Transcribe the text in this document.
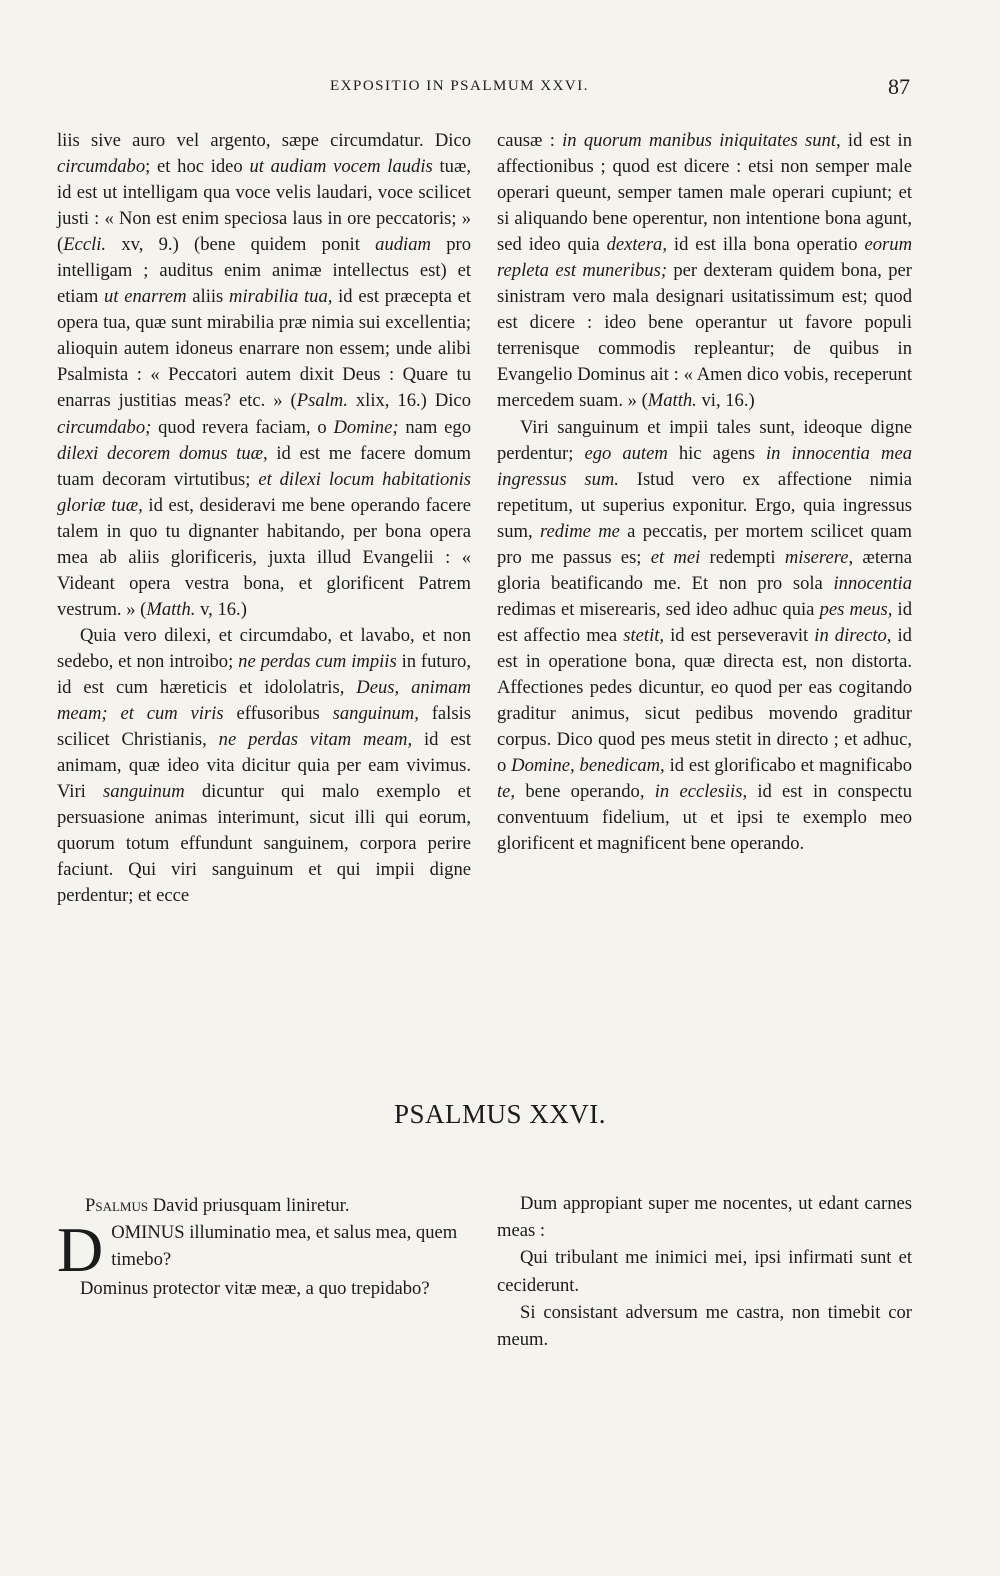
EXPOSITIO IN PSALMUM XXVI.	87

liis sive auro vel argento, sæpe circumdatur. Dico circumdabo; et hoc ideo ut audiam vocem laudis tuæ, id est ut intelligam qua voce velis laudari, voce scilicet justi : « Non est enim speciosa laus in ore peccatoris; » (Eccli. xv, 9.) (bene quidem ponit audiam pro intelligam ; auditus enim animæ intellectus est) et etiam ut enarrem aliis mirabilia tua, id est præcepta et opera tua, quæ sunt mirabilia præ nimia sui excellentia; alioquin autem idoneus enarrare non essem; unde alibi Psalmista : « Peccatori autem dixit Deus : Quare tu enarras justitias meas? etc. » (Psalm. xlix, 16.) Dico circumdabo; quod revera faciam, o Domine; nam ego dilexi decorem domus tuæ, id est me facere domum tuam decoram virtutibus; et dilexi locum habitationis gloriæ tuæ, id est, desideravi me bene operando facere talem in quo tu dignanter habitando, per bona opera mea ab aliis glorificeris, juxta illud Evangelii : « Videant opera vestra bona, et glorificent Patrem vestrum. » (Matth. v, 16.)

Quia vero dilexi, et circumdabo, et lavabo, et non sedebo, et non introibo; ne perdas cum impiis in futuro, id est cum hæreticis et idololatris, Deus, animam meam; et cum viris effusoribus sanguinum, falsis scilicet Christianis, ne perdas vitam meam, id est animam, quæ ideo vita dicitur quia per eam vivimus. Viri sanguinum dicuntur qui malo exemplo et persuasione animas interimunt, sicut illi qui eorum, quorum totum effundunt sanguinem, corpora perire faciunt. Qui viri sanguinum et qui impii digne perdentur; et ecce

causæ : in quorum manibus iniquitates sunt, id est in affectionibus ; quod est dicere : etsi non semper male operari queunt, semper tamen male operari cupiunt; et si aliquando bene operentur, non intentione bona agunt, sed ideo quia dextera, id est illa bona operatio eorum repleta est muneribus; per dexteram quidem bona, per sinistram vero mala designari usitatissimum est; quod est dicere : ideo bene operantur ut favore populi terrenisque commodis repleantur; de quibus in Evangelio Dominus ait : « Amen dico vobis, receperunt mercedem suam. » (Matth. vi, 16.)

Viri sanguinum et impii tales sunt, ideoque digne perdentur; ego autem hic agens in innocentia mea ingressus sum. Istud vero ex affectione nimia repetitum, ut superius exponitur. Ergo, quia ingressus sum, redime me a peccatis, per mortem scilicet quam pro me passus es; et mei redempti miserere, æterna gloria beatificando me. Et non pro sola innocentia redimas et miserearis, sed ideo adhuc quia pes meus, id est affectio mea stetit, id est perseveravit in directo, id est in operatione bona, quæ directa est, non distorta. Affectiones pedes dicuntur, eo quod per eas cogitando graditur animus, sicut pedibus movendo graditur corpus. Dico quod pes meus stetit in directo ; et adhuc, o Domine, benedicam, id est glorificabo et magnificabo te, bene operando, in ecclesiis, id est in conspectu conventuum fidelium, ut et ipsi te exemplo meo glorificent et magnificent bene operando.

PSALMUS XXVI.

Psalmus David priusquam liniretur.

DOMINUS illuminatio mea, et salus mea, quem timebo?

Dominus protector vitæ meæ, a quo trepidabo?

Dum appropiant super me nocentes, ut edant carnes meas :

Qui tribulant me inimici mei, ipsi infirmati sunt et ceciderunt.

Si consistant adversum me castra, non timebit cor meum.
